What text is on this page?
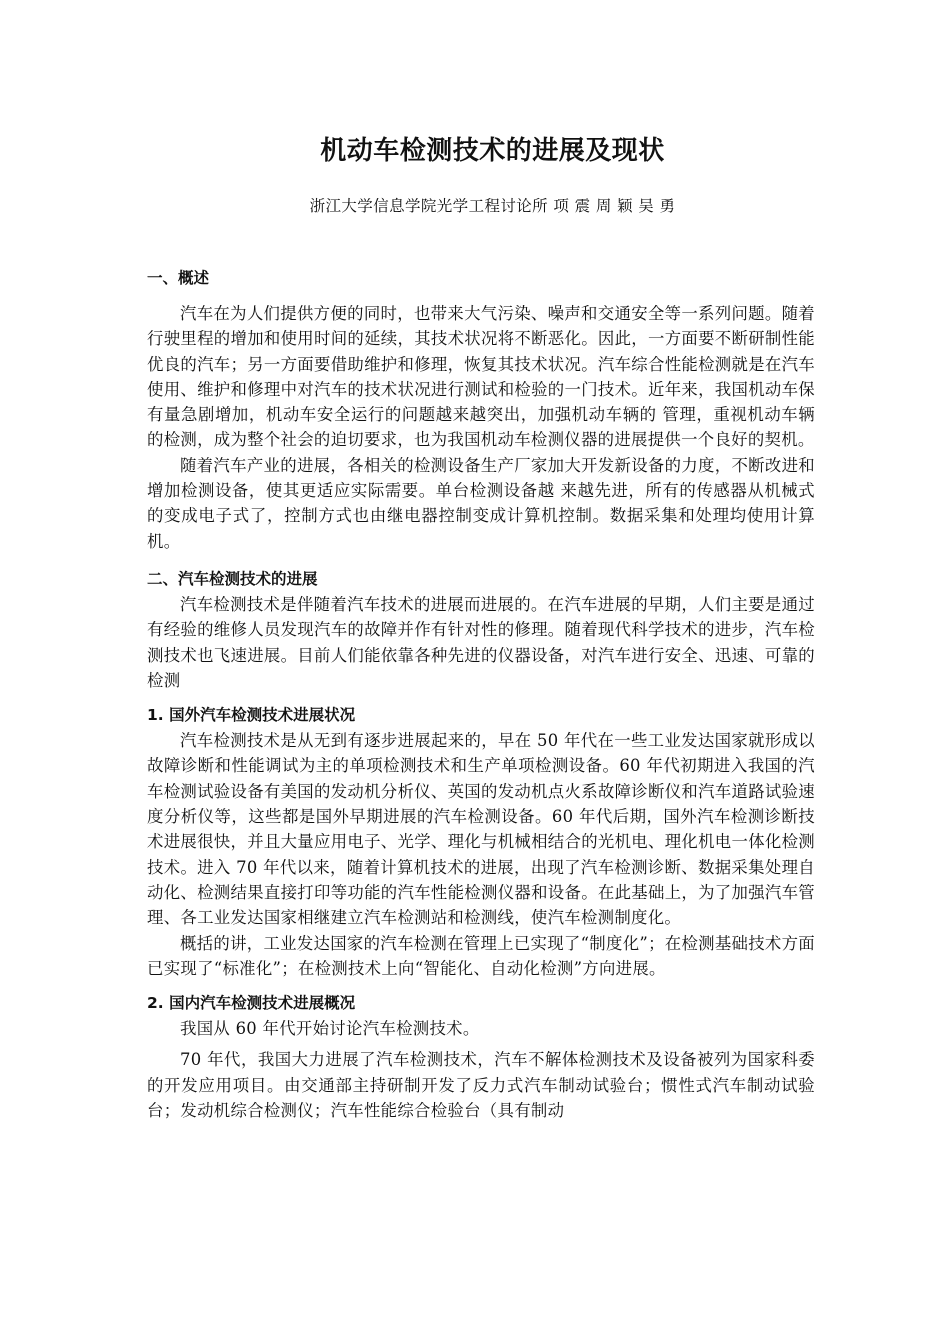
机动车检测技术的进展及现状
浙江大学信息学院光学工程讨论所 项 震 周 颖 吴 勇
一、概述

汽车在为人们提供方便的同时，也带来大气污染、噪声和交通安全等一系列问题。随着行驶里程的增加和使用时间的延续，其技术状况将不断恶化。因此，一方面要不断研制性能优良的汽车；另一方面要借助维护和修理，恢复其技术状况。汽车综合性能检测就是在汽车使用、维护和修理中对汽车的技术状况进行测试和检验的一门技术。近年来，我国机动车保有量急剧增加，机动车安全运行的问题越来越突出，加强机动车辆的 管理，重视机动车辆的检测，成为整个社会的迫切要求，也为我国机动车检测仪器的进展提供一个良好的契机。

随着汽车产业的进展，各相关的检测设备生产厂家加大开发新设备的力度，不断改进和增加检测设备，使其更适应实际需要。单台检测设备越 来越先进，所有的传感器从机械式的变成电子式了，控制方式也由继电器控制变成计算机控制。数据采集和处理均使用计算机。

二、汽车检测技术的进展

汽车检测技术是伴随着汽车技术的进展而进展的。在汽车进展的早期，人们主要是通过有经验的维修人员发现汽车的故障并作有针对性的修理。随着现代科学技术的进步，汽车检测技术也飞速进展。目前人们能依靠各种先进的仪器设备，对汽车进行安全、迅速、可靠的检测

1. 国外汽车检测技术进展状况

汽车检测技术是从无到有逐步进展起来的，早在 50 年代在一些工业发达国家就形成以故障诊断和性能调试为主的单项检测技术和生产单项检测设备。60 年代初期进入我国的汽车检测试验设备有美国的发动机分析仪、英国的发动机点火系故障诊断仪和汽车道路试验速度分析仪等，这些都是国外早期进展的汽车检测设备。60 年代后期，国外汽车检测诊断技术进展很快，并且大量应用电子、光学、理化与机械相结合的光机电、理化机电一体化检测技术。进入 70 年代以来，随着计算机技术的进展，出现了汽车检测诊断、数据采集处理自动化、检测结果直接打印等功能的汽车性能检测仪器和设备。在此基础上，为了加强汽车管理、各工业发达国家相继建立汽车检测站和检测线，使汽车检测制度化。

概括的讲，工业发达国家的汽车检测在管理上已实现了“制度化”；在检测基础技术方面已实现了“标准化”；在检测技术上向“智能化、自动化检测”方向进展。

2. 国内汽车检测技术进展概况

我国从 60 年代开始讨论汽车检测技术。

70 年代，我国大力进展了汽车检测技术，汽车不解体检测技术及设备被列为国家科委的开发应用项目。由交通部主持研制开发了反力式汽车制动试验台；惯性式汽车制动试验台；发动机综合检测仪；汽车性能综合检验台（具有制动
